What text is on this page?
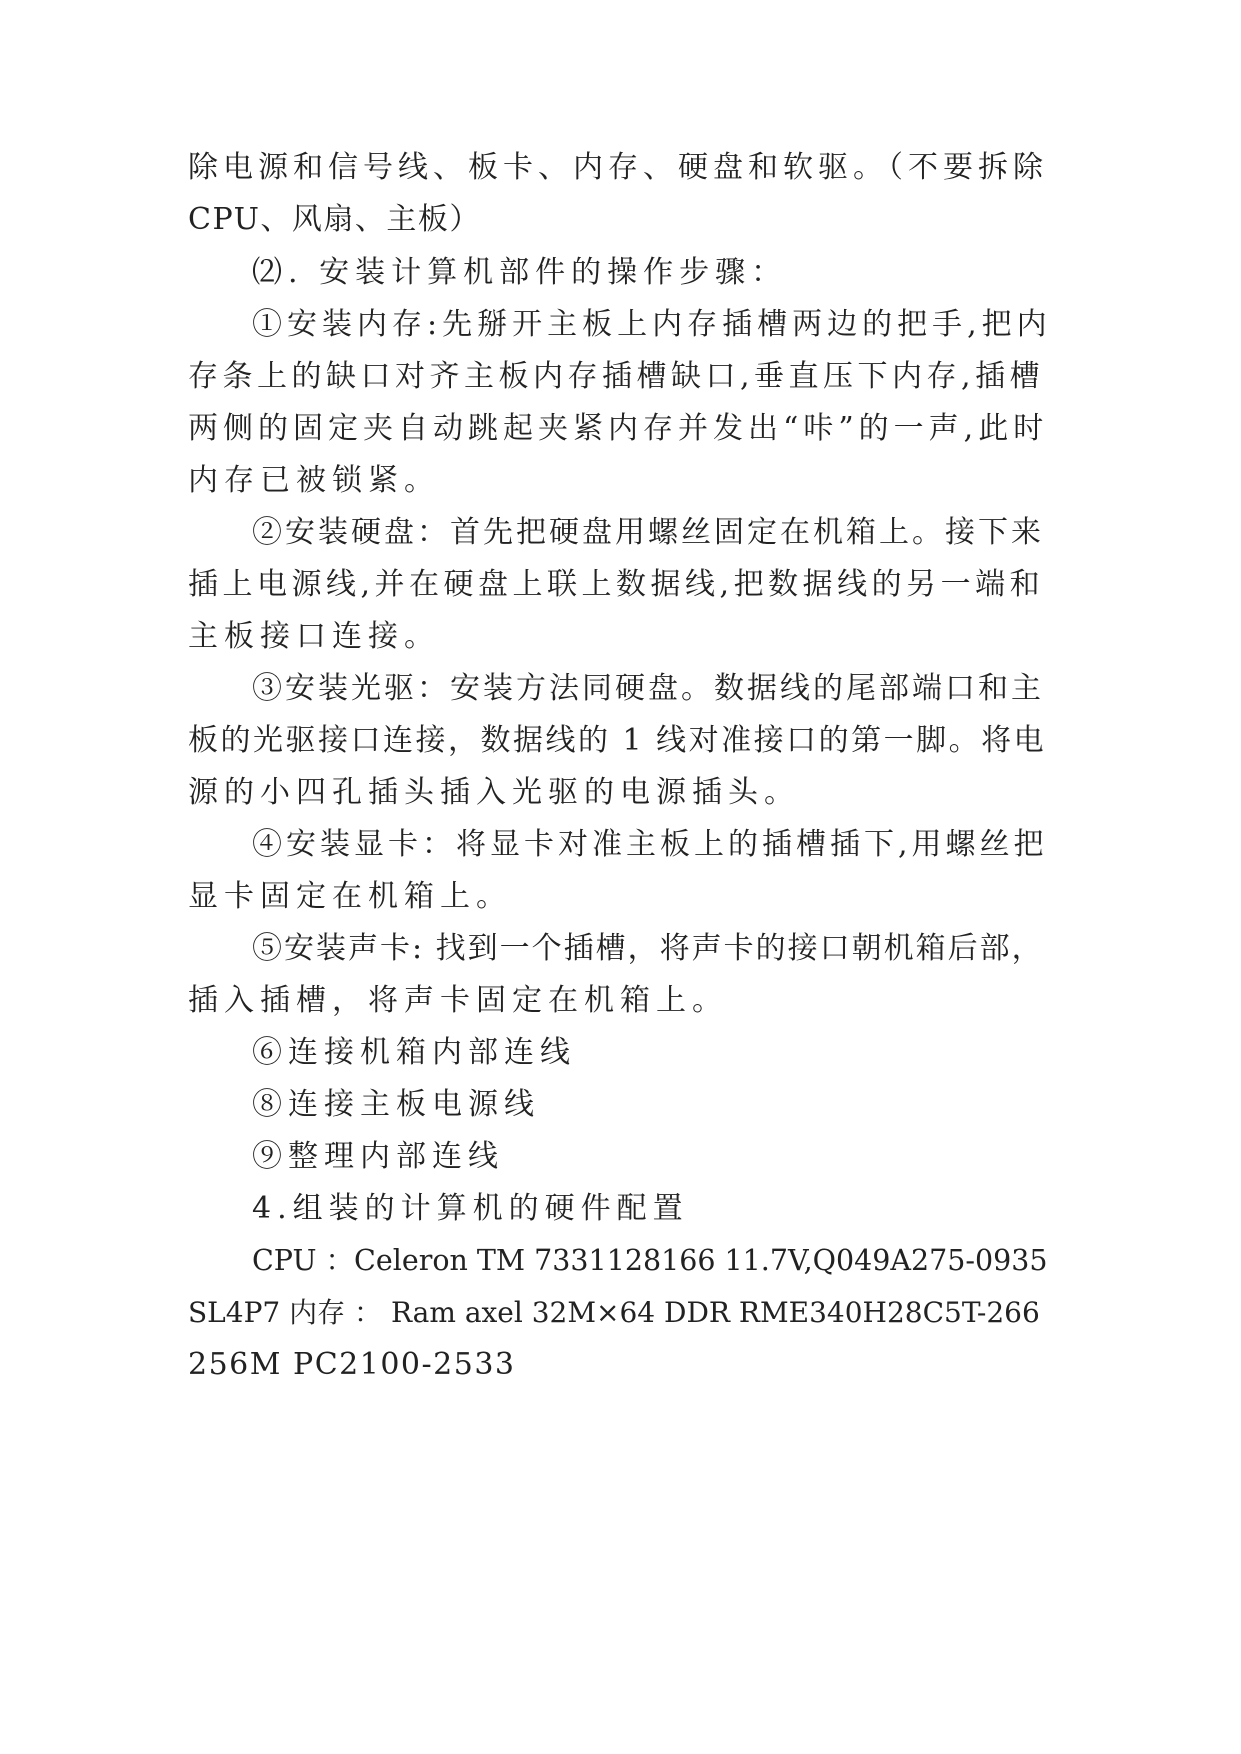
除电源和信号线、板卡、内存、硬盘和软驱。（不要拆除
CPU、风扇、主板）
⑵. 安装计算机部件的操作步骤：
①安装内存:先掰开主板上内存插槽两边的把手,把内
存条上的缺口对齐主板内存插槽缺口,垂直压下内存,插槽
两侧的固定夹自动跳起夹紧内存并发出“咔”的一声,此时
内存已被锁紧。
②安装硬盘：首先把硬盘用螺丝固定在机箱上。接下来
插上电源线,并在硬盘上联上数据线,把数据线的另一端和
主板接口连接。
③安装光驱：安装方法同硬盘。数据线的尾部端口和主
板的光驱接口连接，数据线的 1 线对准接口的第一脚。将电
源的小四孔插头插入光驱的电源插头。
④安装显卡：将显卡对准主板上的插槽插下,用螺丝把
显卡固定在机箱上。
⑤安装声卡: 找到一个插槽，将声卡的接口朝机箱后部，
插入插槽，将声卡固定在机箱上。
⑥连接机箱内部连线
⑧连接主板电源线
⑨整理内部连线
4.组装的计算机的硬件配置
CPU ：Celeron TM 7331128166 11.7V,Q049A275-0935
SL4P7 内存 ： Ram axel 32M×64 DDR RME340H28C5T-266
256M PC2100-2533
